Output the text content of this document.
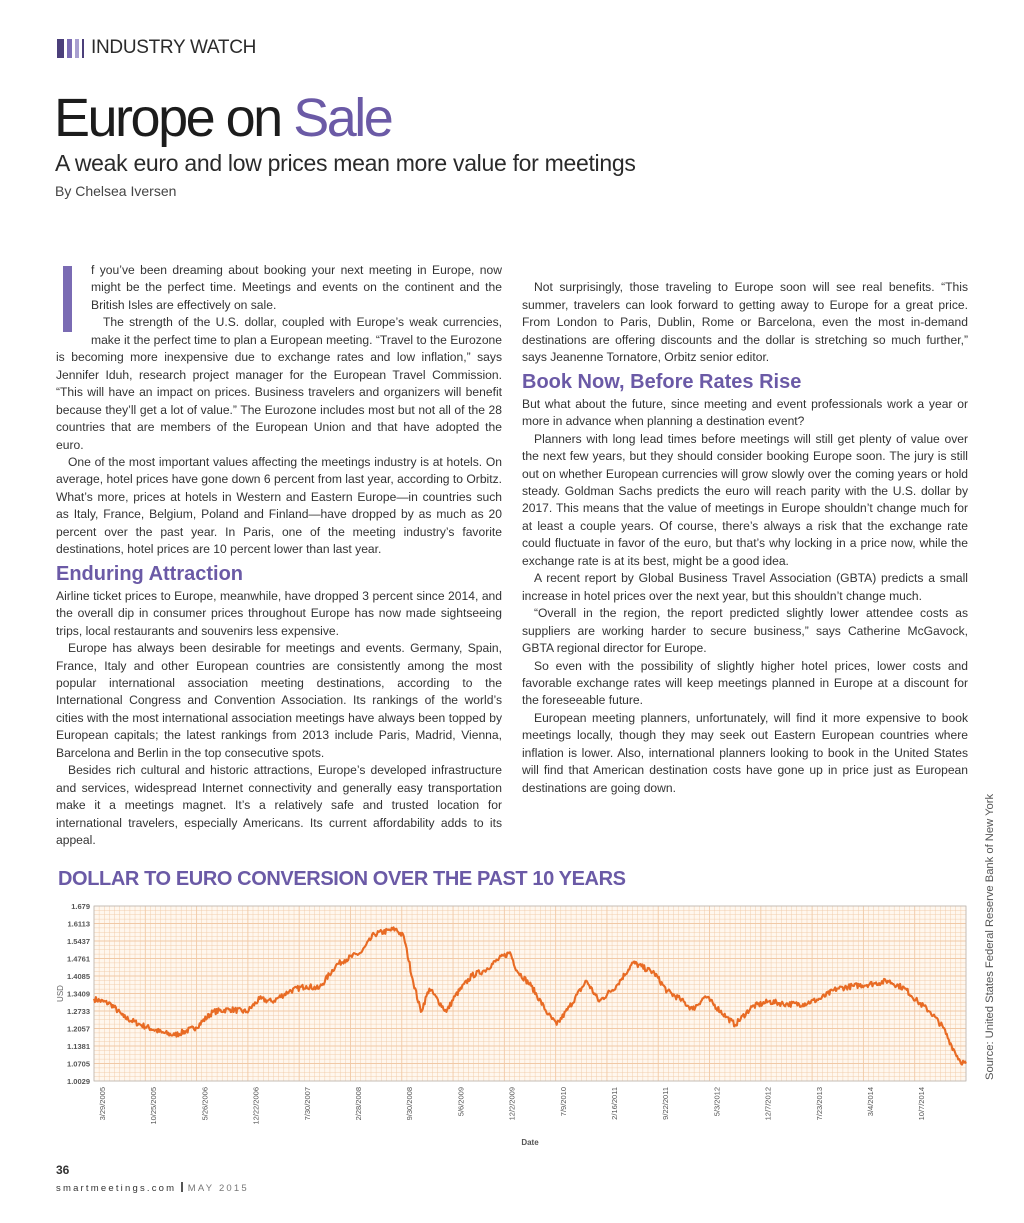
INDUSTRY WATCH
Europe on Sale
A weak euro and low prices mean more value for meetings

By Chelsea Iversen

f you’ve been dreaming about booking your next meeting in Europe, now might be the perfect time. Meetings and events on the continent and the British Isles are effectively on sale.

The strength of the U.S. dollar, coupled with Europe’s weak currencies, make it the perfect time to plan a European meeting. “Travel to the Eurozone is becoming more inexpensive due to exchange rates and low inflation,” says Jennifer Iduh, research project manager for the European Travel Commission. “This will have an impact on prices. Business travelers and organizers will benefit because they’ll get a lot of value.” The Eurozone includes most but not all of the 28 countries that are members of the European Union and that have adopted the euro.

One of the most important values affecting the meetings industry is at hotels. On average, hotel prices have gone down 6 percent from last year, according to Orbitz. What’s more, prices at hotels in Western and Eastern Europe—in countries such as Italy, France, Belgium, Poland and Finland—have dropped by as much as 20 percent over the past year. In Paris, one of the meeting industry’s favorite destinations, hotel prices are 10 percent lower than last year.

Enduring Attraction

Airline ticket prices to Europe, meanwhile, have dropped 3 percent since 2014, and the overall dip in consumer prices throughout Europe has now made sightseeing trips, local restaurants and souvenirs less expensive.

Europe has always been desirable for meetings and events. Germany, Spain, France, Italy and other European countries are consistently among the most popular international association meeting destinations, according to the International Congress and Convention Association. Its rankings of the world’s cities with the most international association meetings have always been topped by European capitals; the latest rankings from 2013 include Paris, Madrid, Vienna, Barcelona and Berlin in the top consecutive spots.

Besides rich cultural and historic attractions, Europe’s developed infrastructure and services, widespread Internet connectivity and generally easy transportation make it a meetings magnet. It’s a relatively safe and trusted location for international travelers, especially Americans. Its current affordability adds to its appeal.

Not surprisingly, those traveling to Europe soon will see real benefits. “This summer, travelers can look forward to getting away to Europe for a great price. From London to Paris, Dublin, Rome or Barcelona, even the most in-demand destinations are offering discounts and the dollar is stretching so much further,” says Jeanenne Tornatore, Orbitz senior editor.

Book Now, Before Rates Rise

But what about the future, since meeting and event professionals work a year or more in advance when planning a destination event?

Planners with long lead times before meetings will still get plenty of value over the next few years, but they should consider booking Europe soon. The jury is still out on whether European currencies will grow slowly over the coming years or hold steady. Goldman Sachs predicts the euro will reach parity with the U.S. dollar by 2017. This means that the value of meetings in Europe shouldn’t change much for at least a couple years. Of course, there’s always a risk that the exchange rate could fluctuate in favor of the euro, but that’s why locking in a price now, while the exchange rate is at its best, might be a good idea.

A recent report by Global Business Travel Association (GBTA) predicts a small increase in hotel prices over the next year, but this shouldn’t change much.

“Overall in the region, the report predicted slightly lower attendee costs as suppliers are working harder to secure business,” says Catherine McGavock, GBTA regional director for Europe.

So even with the possibility of slightly higher hotel prices, lower costs and favorable exchange rates will keep meetings planned in Europe at a discount for the foreseeable future.

European meeting planners, unfortunately, will find it more expensive to book meetings locally, though they may seek out Eastern European countries where inflation is lower. Also, international planners looking to book in the United States will find that American destination costs have gone up in price just as European destinations are going down.

DOLLAR TO EURO CONVERSION OVER THE PAST 10 YEARS
1.679
1.6113
1.5437
1.4761
1.4085
1.3409
1.2733
1.2057
1.1381
1.0705
1.0029
USD
3/29/2005	10/25/2005	5/26/2006	12/22/2006	7/30/2007	2/28/2008	9/30/2008	5/6/2009	12/2/2009	7/9/2010	2/16/2011	9/22/2011	5/3/2012	12/7/2012	7/23/2013	3/4/2014	10/7/2014
Date
Source: United States Federal Reserve Bank of New York
36
smartmeetings.com MAY 2015
